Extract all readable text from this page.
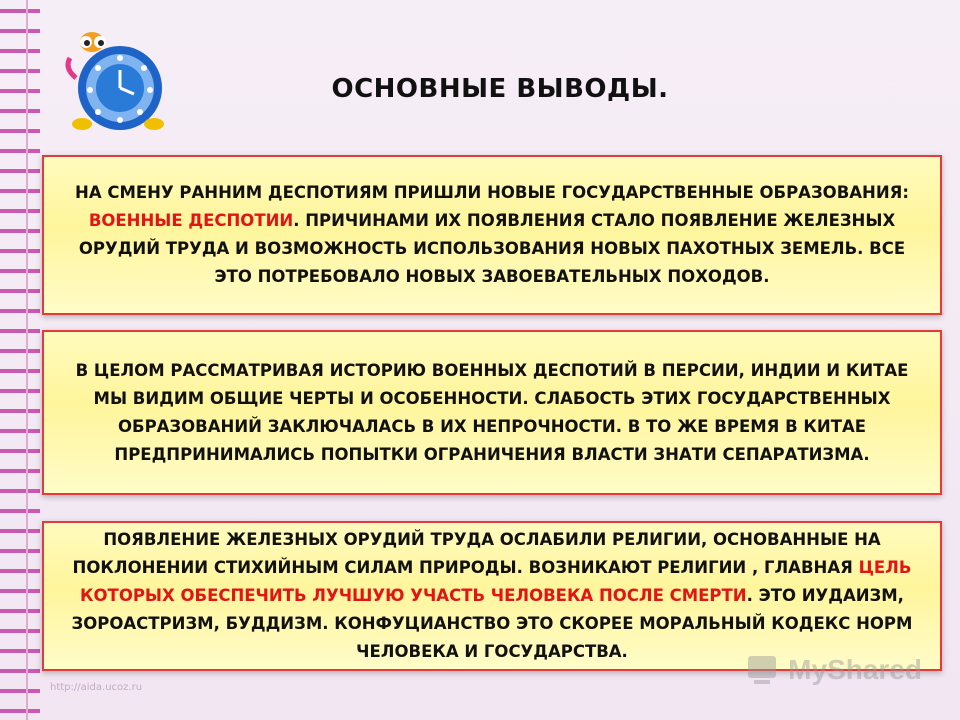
ОСНОВНЫЕ ВЫВОДЫ.

НА СМЕНУ РАННИМ ДЕСПОТИЯМ ПРИШЛИ НОВЫЕ ГОСУДАРСТВЕННЫЕ ОБРАЗОВАНИЯ: ВОЕННЫЕ ДЕСПОТИИ. ПРИЧИНАМИ ИХ ПОЯВЛЕНИЯ СТАЛО ПОЯВЛЕНИЕ ЖЕЛЕЗНЫХ ОРУДИЙ ТРУДА И ВОЗМОЖНОСТЬ ИСПОЛЬЗОВАНИЯ НОВЫХ ПАХОТНЫХ ЗЕМЕЛЬ. ВСЕ ЭТО ПОТРЕБОВАЛО НОВЫХ ЗАВОЕВАТЕЛЬНЫХ ПОХОДОВ.

В ЦЕЛОМ РАССМАТРИВАЯ ИСТОРИЮ ВОЕННЫХ ДЕСПОТИЙ В ПЕРСИИ, ИНДИИ И КИТАЕ МЫ ВИДИМ ОБЩИЕ ЧЕРТЫ И ОСОБЕННОСТИ. СЛАБОСТЬ ЭТИХ ГОСУДАРСТВЕННЫХ ОБРАЗОВАНИЙ ЗАКЛЮЧАЛАСЬ В ИХ НЕПРОЧНОСТИ. В ТО ЖЕ ВРЕМЯ В КИТАЕ ПРЕДПРИНИМАЛИСЬ ПОПЫТКИ ОГРАНИЧЕНИЯ ВЛАСТИ ЗНАТИ СЕПАРАТИЗМА.

ПОЯВЛЕНИЕ ЖЕЛЕЗНЫХ ОРУДИЙ ТРУДА ОСЛАБИЛИ РЕЛИГИИ, ОСНОВАННЫЕ НА ПОКЛОНЕНИИ СТИХИЙНЫМ СИЛАМ ПРИРОДЫ. ВОЗНИКАЮТ РЕЛИГИИ , ГЛАВНАЯ ЦЕЛЬ КОТОРЫХ ОБЕСПЕЧИТЬ ЛУЧШУЮ УЧАСТЬ ЧЕЛОВЕКА ПОСЛЕ СМЕРТИ. ЭТО ИУДАИЗМ, ЗОРОАСТРИЗМ, БУДДИЗМ. КОНФУЦИАНСТВО ЭТО СКОРЕЕ МОРАЛЬНЫЙ КОДЕКС НОРМ ЧЕЛОВЕКА И ГОСУДАРСТВА.

http://aida.ucoz.ru
MyShared
